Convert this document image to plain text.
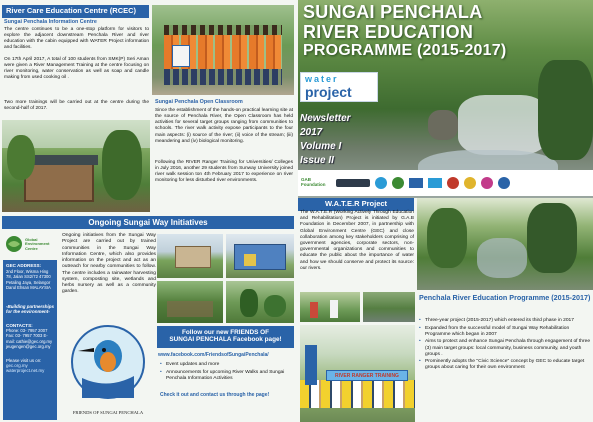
River Care Education Centre (RCEC)
Sungai Penchala Information Centre
The centre continues to be a one-stop platform for visitors to explore the adjacent downstream Penchala River and river education with the cabin equipped with WATER Project information and facilities.
On 17th April 2017, A total of 100 students from SMK(P) Seri Aman were given a River Management Training at the centre focusing on river monitoring, water conservation as well as soap and candle making from used cooking oil .
Two more trainings will be carried out at the centre during the second-half of 2017.
Ongoing Sungai Way Initiatives
Global Environment Centre
GEC ADDRESS:
2nd Floor, Wisma Hing 78, Jalan SS2/72 47300 Petaling Jaya, Selangor Darul Ehsan MALAYSIA
-Building partnerships for the environment-
CONTACTS:
Phone: 03- 7957 2007 Fax: 03- 7957 7003 E-mail: cathie@gec.org.my jeugengen@gec.org.my
Please visit us on:
gec.org.my
waterproject.net.my
Ongoing initiatives from the Sungai Way Project are carried out by trained communities in the Sungai Way Information Centre, which also provides information on the project and act as an outreach for nearby communities to follow. The centre includes a rainwater harvesting system, composting site, wetlands and herbs nursery as well as a community garden.
FRIENDS OF SUNGAI PENCHALA
Sungai Penchala Open Classroom
Since the establishment of the hands-on practical learning site at the source of Penchala River, the Open Classroom has held activities for several target groups ranging from communities to schools. The river walk activity expose participants to the four main aspects: (i) source of the river; (ii) voice of the stream; (iii) meandering and (iv) biological monitoring.
Following the RIVER Ranger Training for Universities/ Colleges in July 2016, another 29 students from Sunway University joined river walk session ton 4th February 2017 to experience on river monitoring for less disturbed river environments.
Follow our new FRIENDS OF
SUNGAI PENCHALA Facebook page!
www.facebook.com/FriendsofSungaiPenchala/
• Event updates and more
• Announcements for upcoming River Walks and Sungai Penchala Information Activities
Check it out and contact us through the page!
SUNGAI PENCHALA
RIVER EDUCATION
PROGRAMME (2015-2017)
water
project
Newsletter
2017
Volume I
Issue II
GAB Foundation
W.A.T.E.R Project
The W.A.T.E.R (Working Actively Through Education and Rehabilitation) Project is initiated by G.A.B Foundation in December 2007, in partnership with Global Environment Centre (GEC) and close collaboration among key stakeholders comprising of government agencies, corporate sectors, non-governmental organizations and communities to educate the public about the importance of water and how we should conserve and protect its source: our rivers.
RIVER RANGER TRAINING
Penchala River Education Programme (2015-2017)
• Three-year project (2015-2017) which entered its third phase in 2017
• Expanded from the successful model of Sungai Way Rehabilitation Programme which began in 2007
• Aims to protect and enhance Sungai Penchala through engagement of three (3) main target groups: local community, business community, and youth groups .
• Prominently adopts the "Civic Science" concept by GEC to educate target groups about caring for their own environment
